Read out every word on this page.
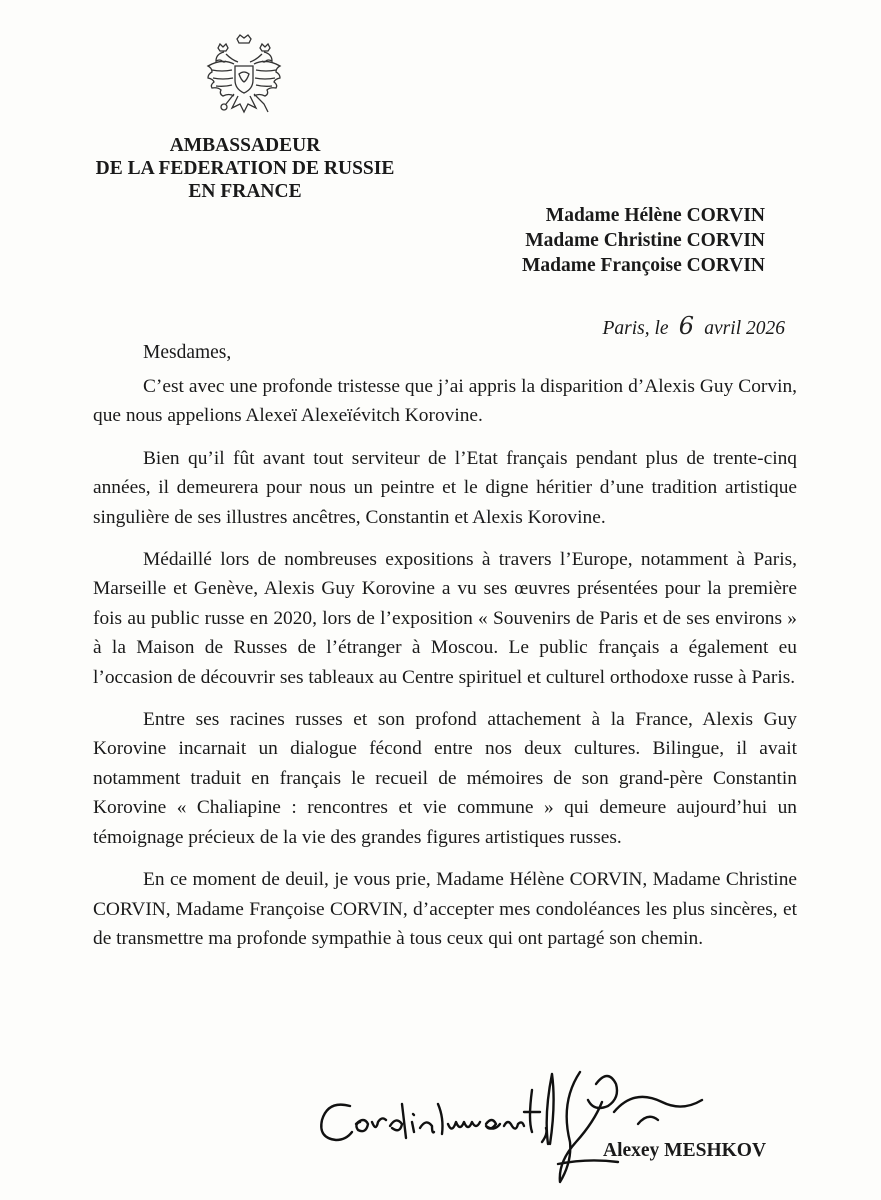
AMBASSADEUR
DE LA FEDERATION DE RUSSIE
EN FRANCE
Madame Hélène CORVIN
Madame Christine CORVIN
Madame Françoise CORVIN
Paris, le 6 avril 2026
Mesdames,

C’est avec une profonde tristesse que j’ai appris la disparition d’Alexis Guy Corvin, que nous appelions Alexeï Alexeïévitch Korovine.

Bien qu’il fût avant tout serviteur de l’Etat français pendant plus de trente-cinq années, il demeurera pour nous un peintre et le digne héritier d’une tradition artistique singulière de ses illustres ancêtres, Constantin et Alexis Korovine.

Médaillé lors de nombreuses expositions à travers l’Europe, notamment à Paris, Marseille et Genève, Alexis Guy Korovine a vu ses œuvres présentées pour la première fois au public russe en 2020, lors de l’exposition « Souvenirs de Paris et de ses environs » à la Maison de Russes de l’étranger à Moscou. Le public français a également eu l’occasion de découvrir ses tableaux au Centre spirituel et culturel orthodoxe russe à Paris.

Entre ses racines russes et son profond attachement à la France, Alexis Guy Korovine incarnait un dialogue fécond entre nos deux cultures. Bilingue, il avait notamment traduit en français le recueil de mémoires de son grand-père Constantin Korovine « Chaliapine : rencontres et vie commune » qui demeure aujourd’hui un témoignage précieux de la vie des grandes figures artistiques russes.

En ce moment de deuil, je vous prie, Madame Hélène CORVIN, Madame Christine CORVIN, Madame Françoise CORVIN, d’accepter mes condoléances les plus sincères, et de transmettre ma profonde sympathie à tous ceux qui ont partagé son chemin.

Alexey MESHKOV
